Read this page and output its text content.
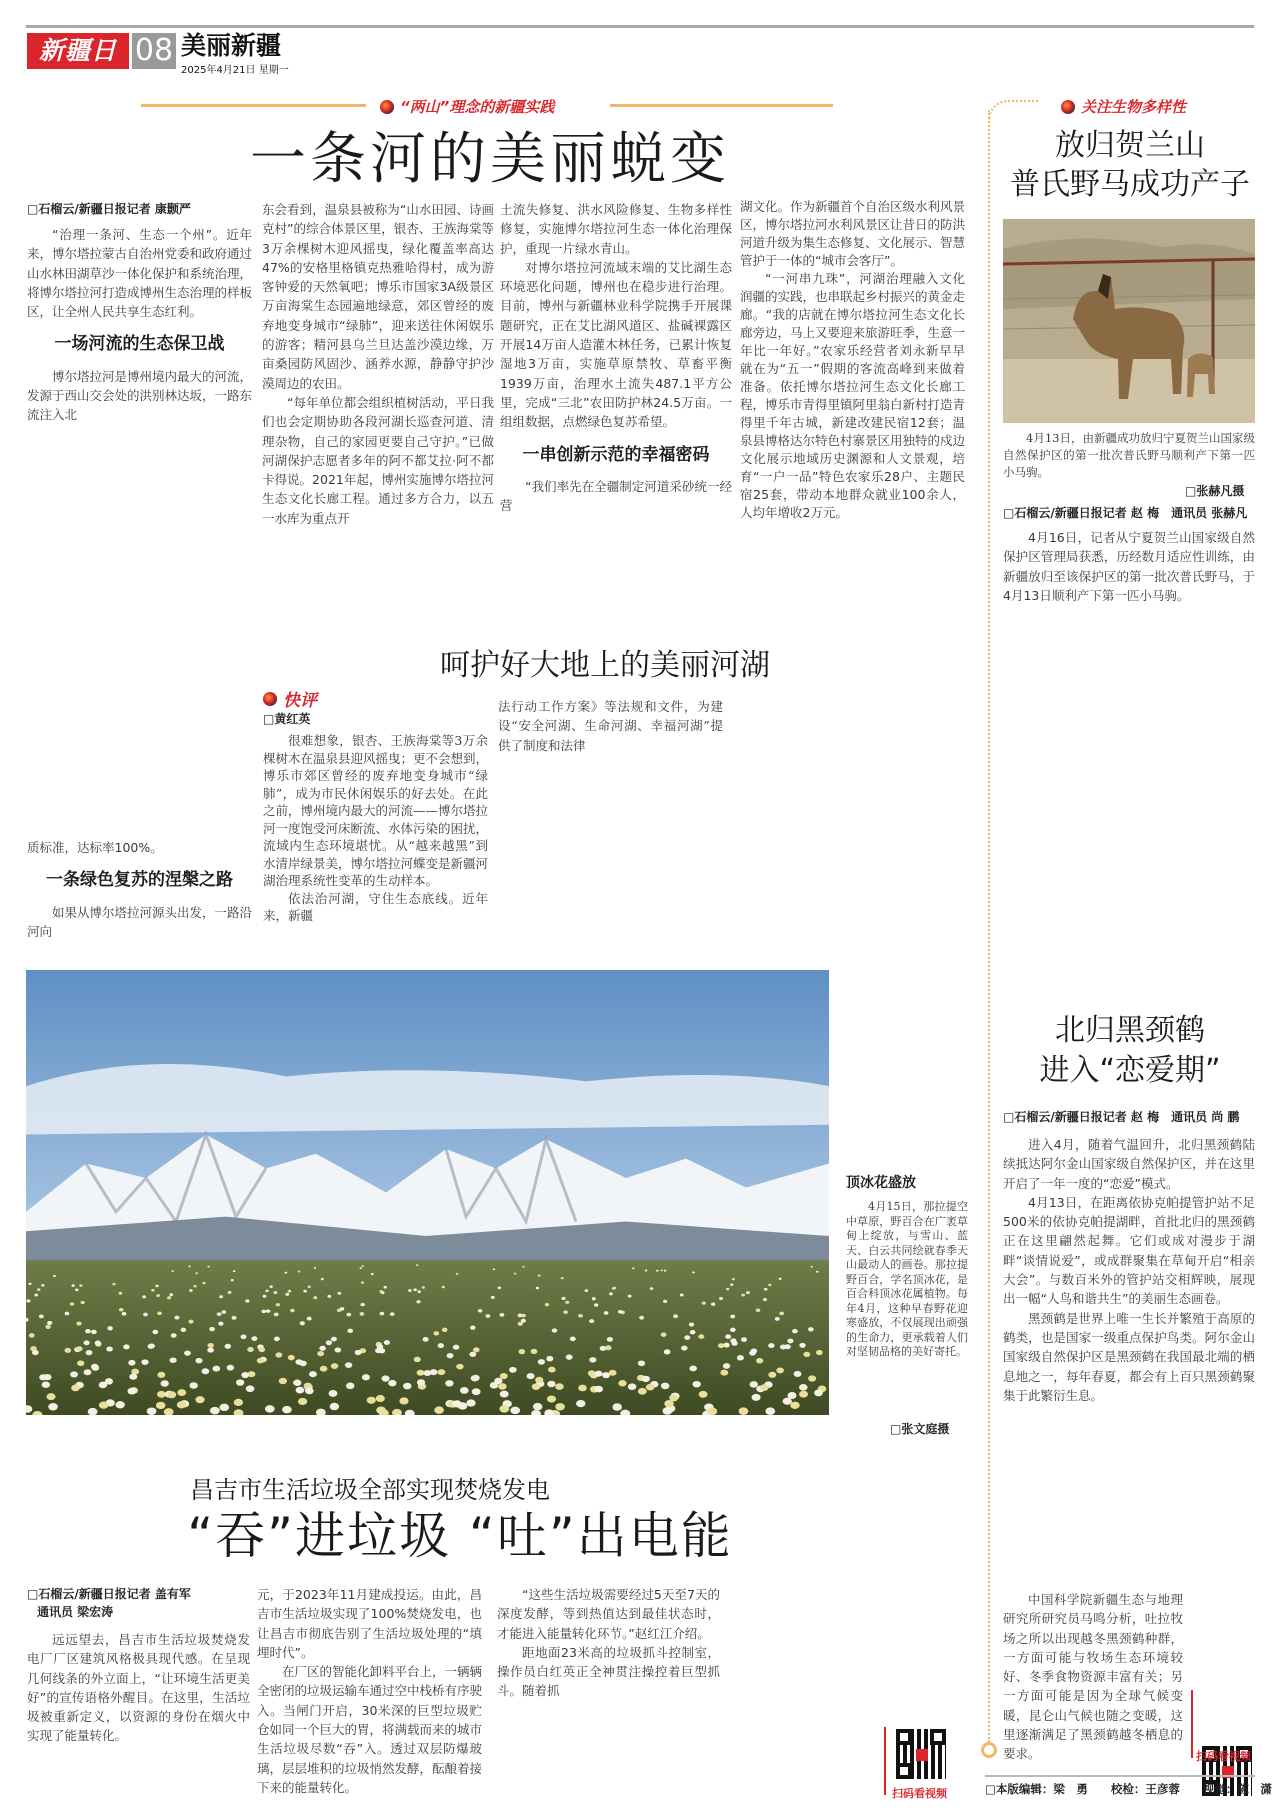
新疆日报
08 美丽新疆
2025年4月21日 星期一
“两山”理念的新疆实践
一条河的美丽蜕变
□石榴云/新疆日报记者 康颢严

“治理一条河、生态一个州”。近年来，博尔塔拉蒙古自治州党委和政府通过山水林田湖草沙一体化保护和系统治理，将博尔塔拉河打造成博州生态治理的样板区，让全州人民共享生态红利。

一场河流的生态保卫战

博尔塔拉河是博州境内最大的河流，发源于西山交会处的洪别林达坂，一路东流注入北

质标准，达标率100%。

一条绿色复苏的涅槃之路

如果从博尔塔拉河源头出发，一路沿河向

东会看到，温泉县被称为“山水田园、诗画克村”的综合体景区里，银杏、王族海棠等3万余棵树木迎风摇曳，绿化覆盖率高达47%的安格里格镇克热雅哈得村，成为游客钟爱的天然氧吧；博乐市国家3A级景区万亩海棠生态园遍地绿意，郊区曾经的废弃地变身城市“绿肺”，迎来送往休闲娱乐的游客；精河县乌兰旦达盖沙漠边缘，万亩桑园防风固沙、涵养水源，静静守护沙漠周边的农田。

“每年单位都会组织植树活动，平日我们也会定期协助各段河湖长巡查河道、清理杂物，自己的家园更要自己守护。”已做河湖保护志愿者多年的阿不都艾拉·阿不都卡得说。2021年起，博州实施博尔塔拉河生态文化长廊工程。通过多方合力，以五一水库为重点开

土流失修复、洪水风险修复、生物多样性修复，实施博尔塔拉河生态一体化治理保护，重现一片绿水青山。

对博尔塔拉河流域末端的艾比湖生态环境恶化问题，博州也在稳步进行治理。目前，博州与新疆林业科学院携手开展课题研究，正在艾比湖风道区、盐碱裸露区开展14万亩人造灌木林任务，已累计恢复湿地3万亩，实施草原禁牧、草畜平衡1939万亩，治理水土流失487.1平方公里，完成“三北”农田防护林24.5万亩。一组组数据，点燃绿色复苏希望。

一串创新示范的幸福密码

“我们率先在全疆制定河道采砂统一经营

湖文化。作为新疆首个自治区级水利风景区，博尔塔拉河水利风景区让昔日的防洪河道升级为集生态修复、文化展示、智慧管护于一体的“城市会客厅”。

“一河串九珠”，河湖治理融入文化润疆的实践，也串联起乡村振兴的黄金走廊。“我的店就在博尔塔拉河生态文化长廊旁边，马上又要迎来旅游旺季，生意一年比一年好。”农家乐经营者刘永新早早就在为“五一”假期的客流高峰到来做着准备。依托博尔塔拉河生态文化长廊工程，博乐市青得里镇阿里翁白新村打造青得里千年古城，新建改建民宿12套；温泉县博格达尔特色村寨景区用独特的戍边文化展示地域历史渊源和人文景观，培育“一户一品”特色农家乐28户、主题民宿25套，带动本地群众就业100余人，人均年增收2万元。

呵护好大地上的美丽河湖
快评
□黄红英

很难想象，银杏、王族海棠等3万余棵树木在温泉县迎风摇曳；更不会想到，博乐市郊区曾经的废弃地变身城市“绿肺”，成为市民休闲娱乐的好去处。在此之前，博州境内最大的河流——博尔塔拉河一度饱受河床断流、水体污染的困扰，流域内生态环境堪忧。从“越来越黑”到水清岸绿景美，博尔塔拉河蝶变是新疆河湖治理系统性变革的生动样本。

依法治河湖，守住生态底线。近年来，新疆

法行动工作方案》等法规和文件，为建设“安全河湖、生命河湖、幸福河湖”提供了制度和法律

顶冰花盛放

4月15日，那拉提空中草原，野百合在广袤草甸上绽放，与雪山、蓝天、白云共同绘就春季天山最动人的画卷。那拉提野百合，学名顶冰花，是百合科顶冰花属植物。每年4月，这种早春野花迎寒盛放，不仅展现出顽强的生命力，更承载着人们对坚韧品格的美好寄托。

□张文庭摄
昌吉市生活垃圾全部实现焚烧发电
“吞”进垃圾 “吐”出电能
□石榴云/新疆日报记者 盖有军
通讯员 梁宏涛

远远望去，昌吉市生活垃圾焚烧发电厂厂区建筑风格极具现代感。在呈现几何线条的外立面上，“让环境生活更美好”的宣传语格外醒目。在这里，生活垃圾被重新定义，以资源的身份在烟火中实现了能量转化。

元，于2023年11月建成投运。由此，昌吉市生活垃圾实现了100%焚烧发电，也让昌吉市彻底告别了生活垃圾处理的“填埋时代”。

在厂区的智能化卸料平台上，一辆辆全密闭的垃圾运输车通过空中栈桥有序驶入。当闸门开启，30米深的巨型垃圾贮仓如同一个巨大的胃，将满载而来的城市生活垃圾尽数“吞”入。透过双层防爆玻璃，层层堆积的垃圾悄然发酵，酝酿着接下来的能量转化。

“这些生活垃圾需要经过5天至7天的深度发酵，等到热值达到最佳状态时，才能进入能量转化环节。”赵红江介绍。

距地面23米高的垃圾抓斗控制室，操作员白红英正全神贯注操控着巨型抓斗。随着抓

扫码看视频
关注生物多样性
放归贺兰山
普氏野马成功产子

4月13日，由新疆成功放归宁夏贺兰山国家级自然保护区的第一批次普氏野马顺利产下第一匹小马驹。

□张赫凡摄
□石榴云/新疆日报记者 赵 梅　通讯员 张赫凡

4月16日，记者从宁夏贺兰山国家级自然保护区管理局获悉，历经数月适应性训练，由新疆放归至该保护区的第一批次普氏野马，于4月13日顺利产下第一匹小马驹。

北归黑颈鹤
进入“恋爱期”
□石榴云/新疆日报记者 赵 梅　通讯员 尚 鹏

进入4月，随着气温回升，北归黑颈鹤陆续抵达阿尔金山国家级自然保护区，并在这里开启了一年一度的“恋爱”模式。

4月13日，在距离依协克帕提管护站不足500米的依协克帕提湖畔，首批北归的黑颈鹤正在这里翩然起舞。它们或成对漫步于湖畔“谈情说爱”，或成群聚集在草甸开启“相亲大会”。与数百米外的管护站交相辉映，展现出一幅“人鸟和谐共生”的美丽生态画卷。

黑颈鹤是世界上唯一生长并繁殖于高原的鹤类，也是国家一级重点保护鸟类。阿尔金山国家级自然保护区是黑颈鹤在我国最北端的栖息地之一，每年春夏，都会有上百只黑颈鹤聚集于此繁衍生息。

中国科学院新疆生态与地理研究所研究员马鸣分析，吐拉牧场之所以出现越冬黑颈鹤种群，一方面可能与牧场生态环境较好、冬季食物资源丰富有关；另一方面可能是因为全球气候变暖，昆仑山气候也随之变暖，这里逐渐满足了黑颈鹤越冬栖息的要求。	扫码看视频
□本版编辑：梁　勇　　校检：王彦蓉　　视觉：陈　潇
